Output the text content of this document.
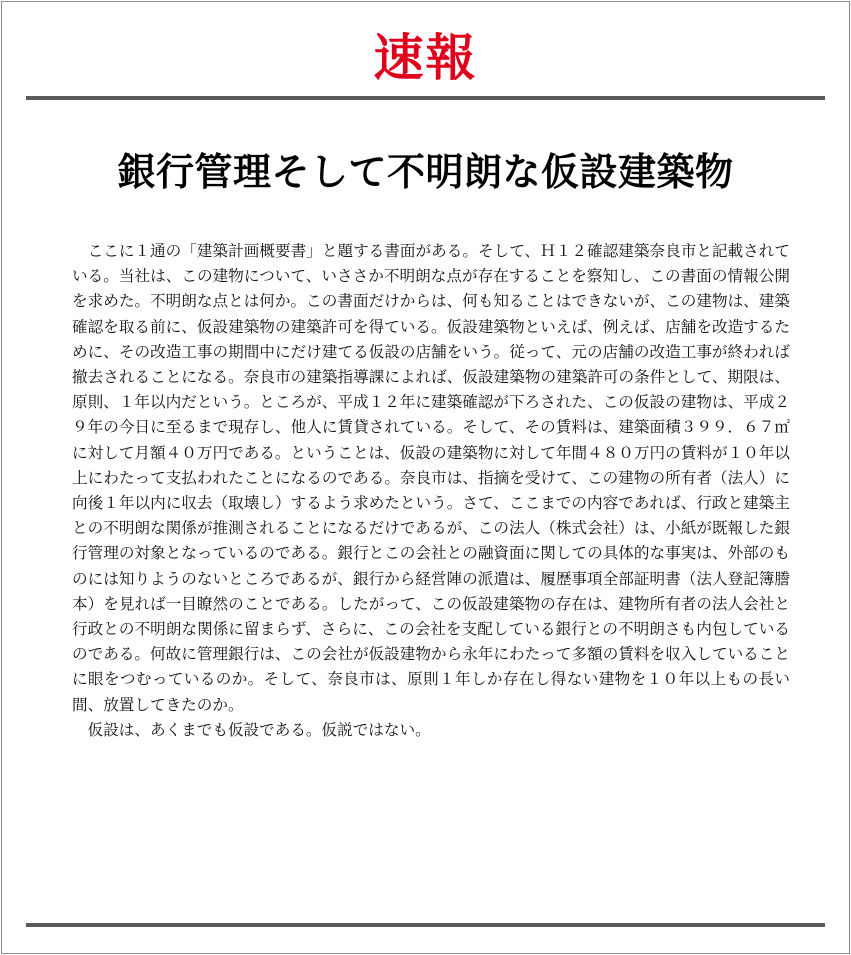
速報
銀行管理そして不明朗な仮設建築物

ここに１通の「建築計画概要書」と題する書面がある。そして、Ｈ１２確認建築奈良市と記載されている。当社は、この建物について、いささか不明朗な点が存在することを察知し、この書面の情報公開を求めた。不明朗な点とは何か。この書面だけからは、何も知ることはできないが、この建物は、建築確認を取る前に、仮設建築物の建築許可を得ている。仮設建築物といえば、例えば、店舗を改造するために、その改造工事の期間中にだけ建てる仮設の店舗をいう。従って、元の店舗の改造工事が終われば撤去されることになる。奈良市の建築指導課によれば、仮設建築物の建築許可の条件として、期限は、原則、１年以内だという。ところが、平成１２年に建築確認が下ろされた、この仮設の建物は、平成２９年の今日に至るまで現存し、他人に賃貸されている。そして、その賃料は、建築面積３９９．６７㎡に対して月額４０万円である。ということは、仮設の建築物に対して年間４８０万円の賃料が１０年以上にわたって支払われたことになるのである。奈良市は、指摘を受けて、この建物の所有者（法人）に向後１年以内に収去（取壊し）するよう求めたという。さて、ここまでの内容であれば、行政と建築主との不明朗な関係が推測されることになるだけであるが、この法人（株式会社）は、小紙が既報した銀行管理の対象となっているのである。銀行とこの会社との融資面に関しての具体的な事実は、外部のものには知りようのないところであるが、銀行から経営陣の派遣は、履歴事項全部証明書（法人登記簿謄本）を見れば一目瞭然のことである。したがって、この仮設建築物の存在は、建物所有者の法人会社と行政との不明朗な関係に留まらず、さらに、この会社を支配している銀行との不明朗さも内包しているのである。何故に管理銀行は、この会社が仮設建物から永年にわたって多額の賃料を収入していることに眼をつむっているのか。そして、奈良市は、原則１年しか存在し得ない建物を１０年以上もの長い間、放置してきたのか。

仮設は、あくまでも仮設である。仮説ではない。
